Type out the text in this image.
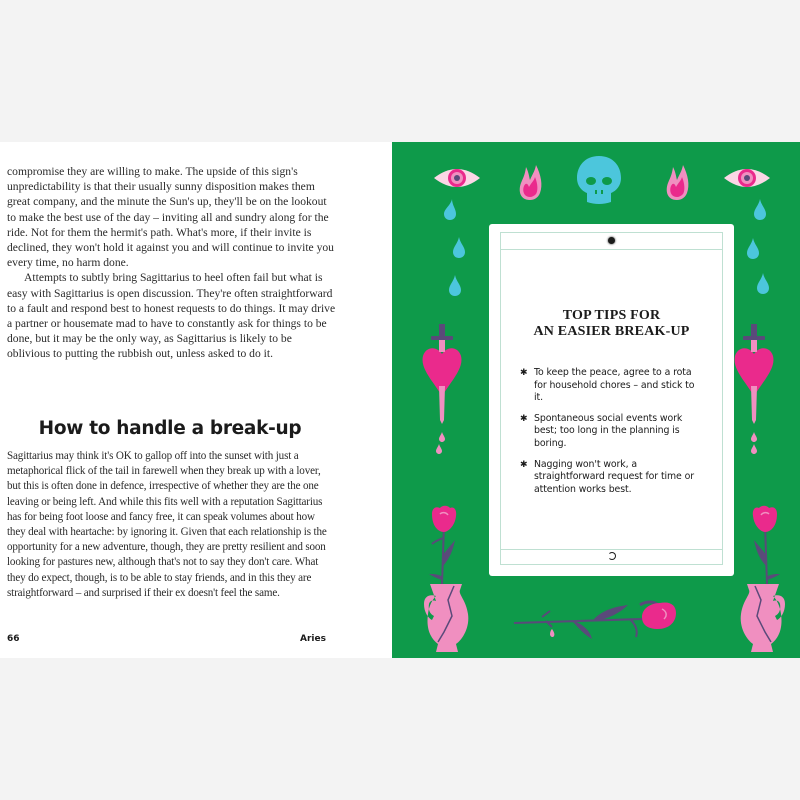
compromise they are willing to make. The upside of this sign's unpredictability is that their usually sunny disposition makes them great company, and the minute the Sun's up, they'll be on the lookout to make the best use of the day – inviting all and sundry along for the ride. Not for them the hermit's path. What's more, if their invite is declined, they won't hold it against you and will continue to invite you every time, no harm done.

Attempts to subtly bring Sagittarius to heel often fail but what is easy with Sagittarius is open discussion. They're often straightforward to a fault and respond best to honest requests to do things. It may drive a partner or housemate mad to have to constantly ask for things to be done, but it may be the only way, as Sagittarius is likely to be oblivious to putting the rubbish out, unless asked to do it.

How to handle a break-up

Sagittarius may think it's OK to gallop off into the sunset with just a metaphorical flick of the tail in farewell when they break up with a lover, but this is often done in defence, irrespective of whether they are the one leaving or being left. And while this fits well with a reputation Sagittarius has for being foot loose and fancy free, it can speak volumes about how they deal with heartache: by ignoring it. Given that each relationship is the opportunity for a new adventure, though, they are pretty resilient and soon looking for pastures new, although that's not to say they don't care. What they do expect, though, is to be able to stay friends, and in this they are straightforward – and surprised if their ex doesn't feel the same.

66	Aries
TOP TIPS FOR
AN EASIER BREAK-UP
✱ To keep the peace, agree to a rota for household chores – and stick to it.
✱ Spontaneous social events work best; too long in the planning is boring.
✱ Nagging won't work, a straightforward request for time or attention works best.
